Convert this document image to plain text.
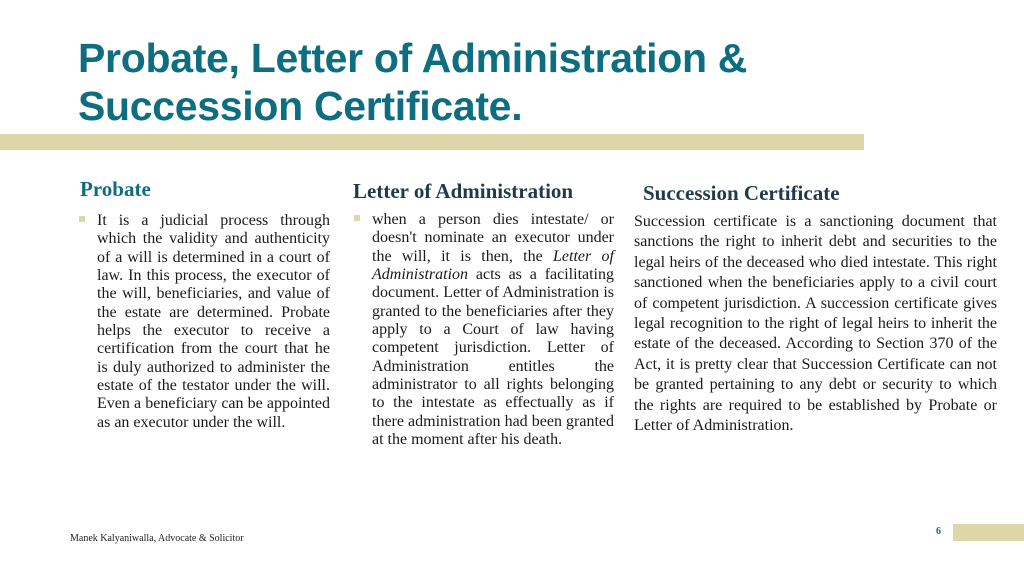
Probate, Letter of Administration & Succession Certificate.
Probate
It is a judicial process through which the validity and authenticity of a will is determined in a court of law. In this process, the executor of the will, beneficiaries, and value of the estate are determined. Probate helps the executor to receive a certification from the court that he is duly authorized to administer the estate of the testator under the will. Even a beneficiary can be appointed as an executor under the will.
Letter of Administration
when a person dies intestate/ or doesn't nominate an executor under the will, it is then, the Letter of Administration acts as a facilitating document. Letter of Administration is granted to the beneficiaries after they apply to a Court of law having competent jurisdiction. Letter of Administration entitles the administrator to all rights belonging to the intestate as effectually as if there administration had been granted at the moment after his death.
Succession Certificate

Succession certificate is a sanctioning document that sanctions the right to inherit debt and securities to the legal heirs of the deceased who died intestate. This right sanctioned when the beneficiaries apply to a civil court of competent jurisdiction. A succession certificate gives legal recognition to the right of legal heirs to inherit the estate of the deceased. According to Section 370 of the Act, it is pretty clear that Succession Certificate can not be granted pertaining to any debt or security to which the rights are required to be established by Probate or Letter of Administration.

Manek Kalyaniwalla, Advocate & Solicitor
6
